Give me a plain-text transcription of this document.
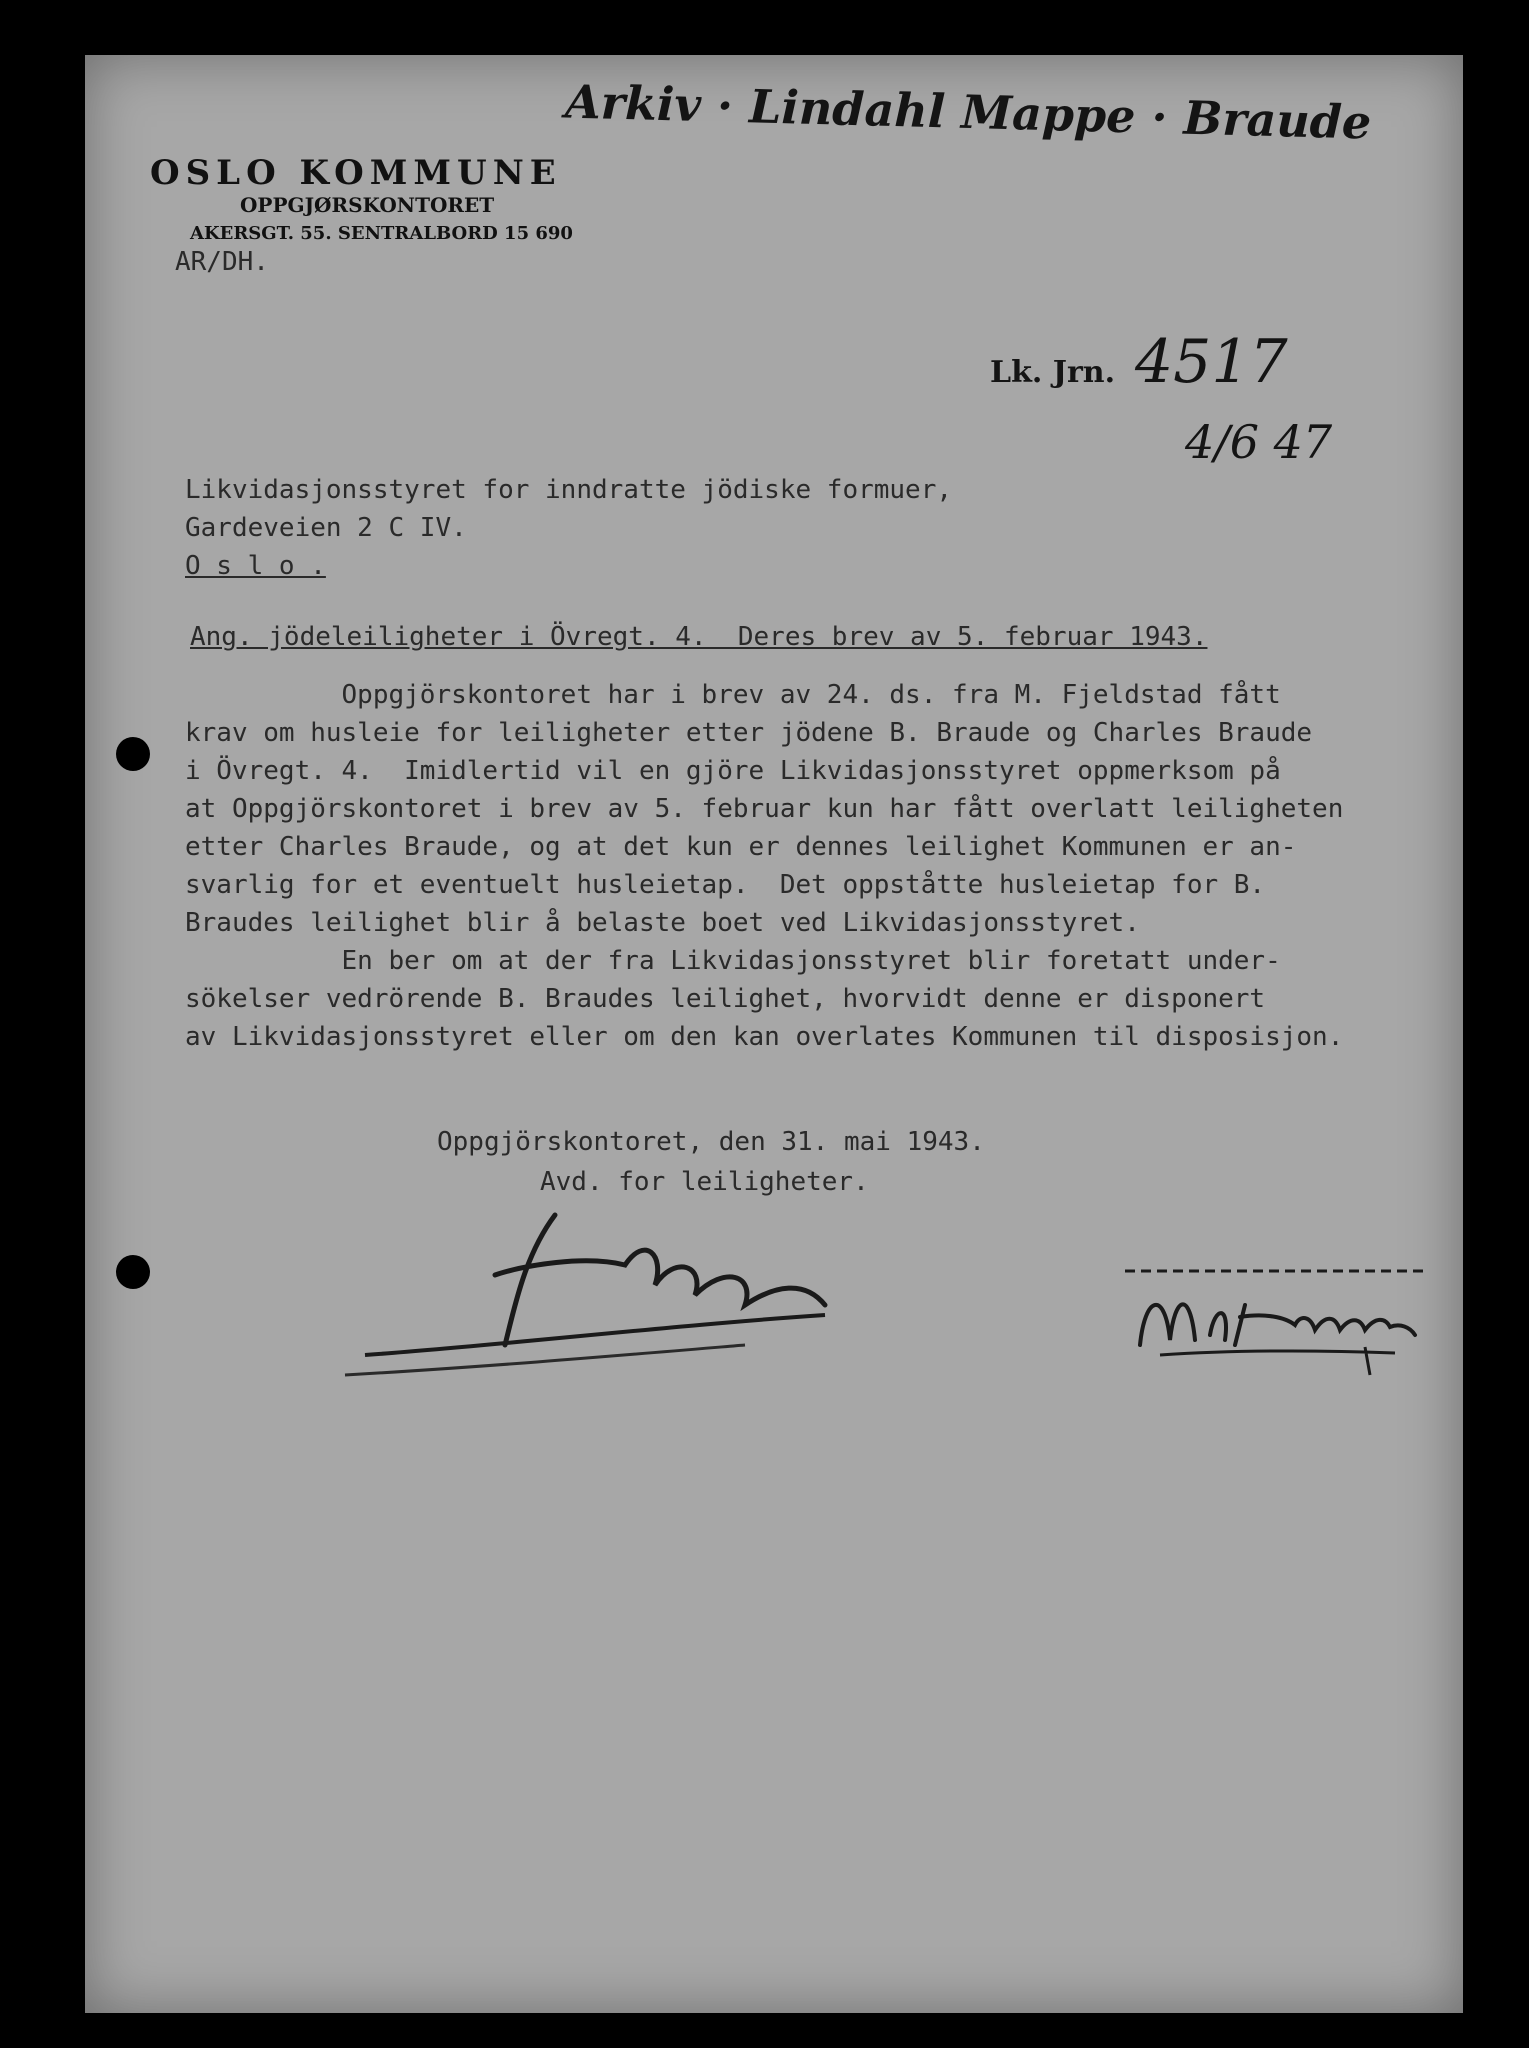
Arkiv · Lindahl Mappe · Braude
OSLO KOMMUNE
OPPGJØRSKONTORET
AKERSGT. 55. SENTRALBORD 15 690
AR/DH.
Lk. Jrn. 4517
4/6 47
Likvidasjonsstyret for inndratte jödiske formuer,
Gardeveien 2 C IV.
O s l o .
Ang. jödeleiligheter i Övregt. 4.  Deres brev av 5. februar 1943.
Oppgjörskontoret har i brev av 24. ds. fra M. Fjeldstad fått
krav om husleie for leiligheter etter jödene B. Braude og Charles Braude
i Övregt. 4.  Imidlertid vil en gjöre Likvidasjonsstyret oppmerksom på
at Oppgjörskontoret i brev av 5. februar kun har fått overlatt leiligheten
etter Charles Braude, og at det kun er dennes leilighet Kommunen er an-
svarlig for et eventuelt husleietap.  Det oppståtte husleietap for B.
Braudes leilighet blir å belaste boet ved Likvidasjonsstyret.
En ber om at der fra Likvidasjonsstyret blir foretatt under-
sökelser vedrörende B. Braudes leilighet, hvorvidt denne er disponert
av Likvidasjonsstyret eller om den kan overlates Kommunen til disposisjon.
Oppgjörskontoret, den 31. mai 1943.
Avd. for leiligheter.
